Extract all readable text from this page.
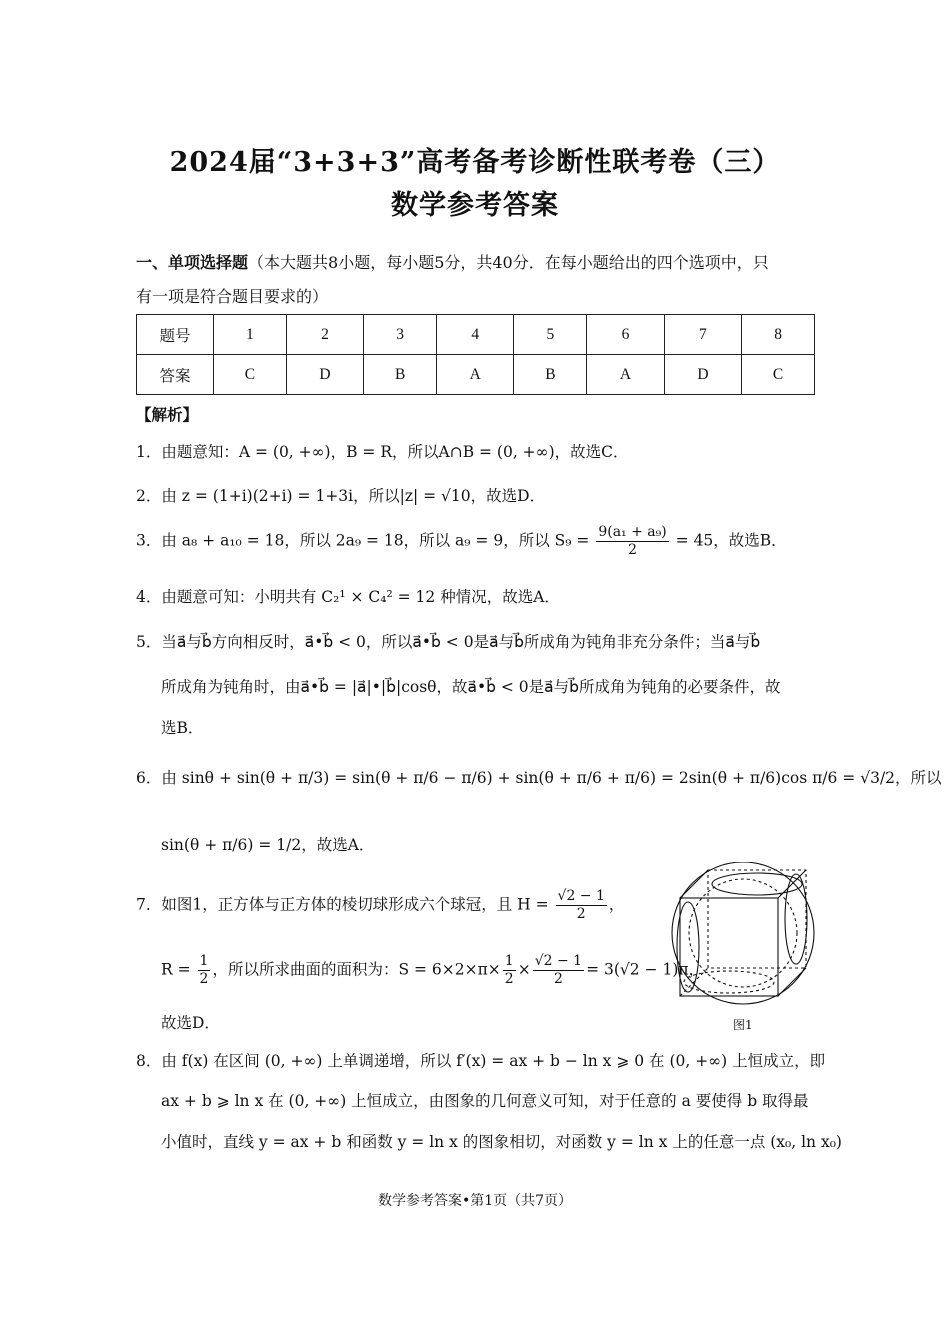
2024届“3+3+3”高考备考诊断性联考卷（三）
数学参考答案
一、单项选择题（本大题共8小题，每小题5分，共40分．在每小题给出的四个选项中，只
有一项是符合题目要求的）
题号	1	2	3	4	5	6	7	8
答案	C	D	B	A	B	A	D	C
【解析】
1．由题意知：A = (0, +∞)，B = R，所以A∩B = (0, +∞)，故选C．
2．由 z = (1+i)(2+i) = 1+3i，所以|z| = √10，故选D．
3．由 a₈ + a₁₀ = 18，所以 2a₉ = 18，所以 a₉ = 9，所以 $S_9 = \frac{\text{9(a₁ + a₉)}}{2} = 45$，故选B．
4．由题意可知：小明共有 C₂¹ × C₄² = 12 种情况，故选A．
5．当a⃗与b⃗方向相反时，a⃗•b⃗ < 0，所以a⃗•b⃗ < 0是a⃗与b⃗所成角为钝角非充分条件；当a⃗与b⃗
所成角为钝角时，由a⃗•b⃗ = |a⃗|•|b⃗|cosθ，故a⃗•b⃗ < 0是a⃗与b⃗所成角为钝角的必要条件，故
选B．
6．由 sinθ + sin(θ + π/3) = sin(θ + π/6 − π/6) + sin(θ + π/6 + π/6) = 2sin(θ + π/6)cos π/6 = √3/2，所以
sin(θ + π/6) = 1/2，故选A．
7．如图1，正方体与正方体的棱切球形成六个球冠，且 $H = \frac{√2 - 1}{2}$ ，
$R = \frac{1}{2}$ ，所以所求曲面的面积为：$S = 6\times 2\times\pi\times \frac{1}{2} \times \frac{√2 - 1}{2} = 3(√2 - 1)\pi$，
故选D．	图1
8．由 f(x) 在区间 (0, +∞) 上单调递增，所以 f′(x) = ax + b − ln x ⩾ 0 在 (0, +∞) 上恒成立，即
ax + b ⩾ ln x 在 (0, +∞) 上恒成立，由图象的几何意义可知，对于任意的 a 要使得 b 取得最
小值时，直线 y = ax + b 和函数 y = ln x 的图象相切，对函数 y = ln x 上的任意一点 (x₀, ln x₀)
数学参考答案•第1页（共7页）
